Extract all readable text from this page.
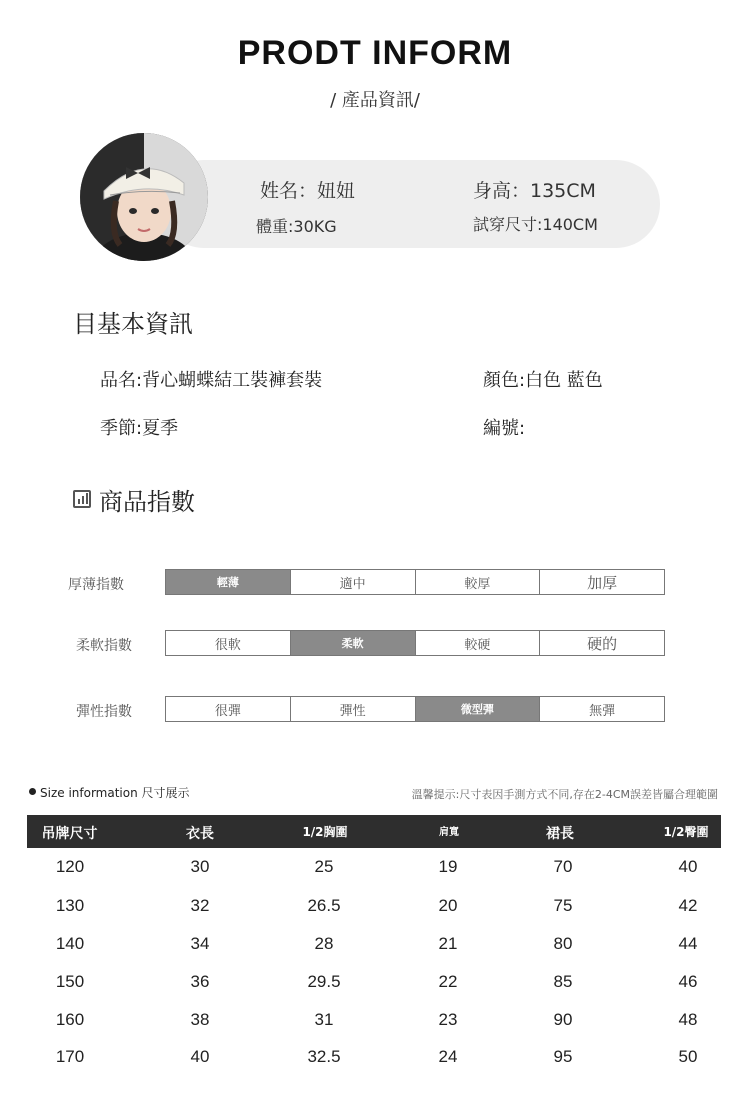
PRODT INFORM
/ 產品資訊/
姓名：妞妞	身高：135CM
體重:30KG	試穿尺寸:140CM
目基本資訊
品名:背心蝴蝶結工裝褲套裝	顏色:白色 藍色
季節:夏季	編號:
商品指數
厚薄指數	輕薄	適中	較厚	加厚
柔軟指數	很軟	柔軟	較硬	硬的
彈性指數	很彈	彈性	微型彈	無彈
Size information 尺寸展示	溫馨提示:尺寸表因手測方式不同,存在2-4CM誤差皆屬合理範圍
吊牌尺寸	衣長	1/2胸圍	肩寬	裙長	1/2臀圍
120	30	25	19	70	40
130	32	26.5	20	75	42
140	34	28	21	80	44
150	36	29.5	22	85	46
160	38	31	23	90	48
170	40	32.5	24	95	50
